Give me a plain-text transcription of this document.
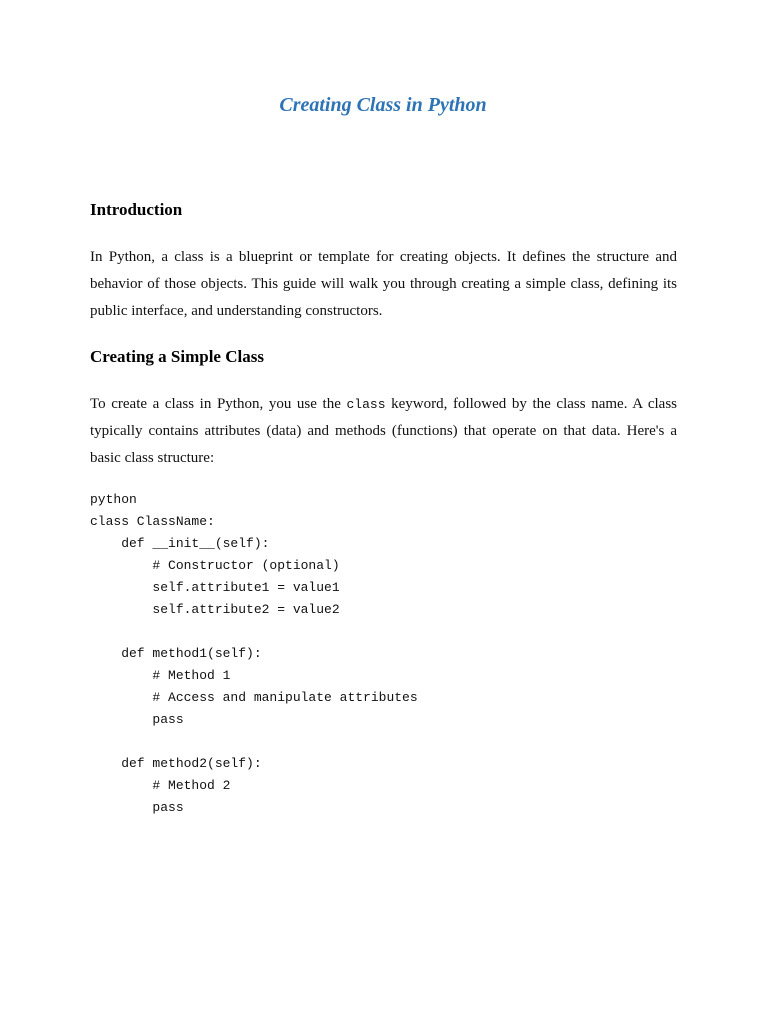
Creating Class in Python
Introduction

In Python, a class is a blueprint or template for creating objects. It defines the structure and behavior of those objects. This guide will walk you through creating a simple class, defining its public interface, and understanding constructors.

Creating a Simple Class

To create a class in Python, you use the class keyword, followed by the class name. A class typically contains attributes (data) and methods (functions) that operate on that data. Here's a basic class structure:

python
class ClassName:
def __init__(self):
# Constructor (optional)
self.attribute1 = value1
self.attribute2 = value2
def method1(self):
# Method 1
# Access and manipulate attributes
pass
def method2(self):
# Method 2
pass
